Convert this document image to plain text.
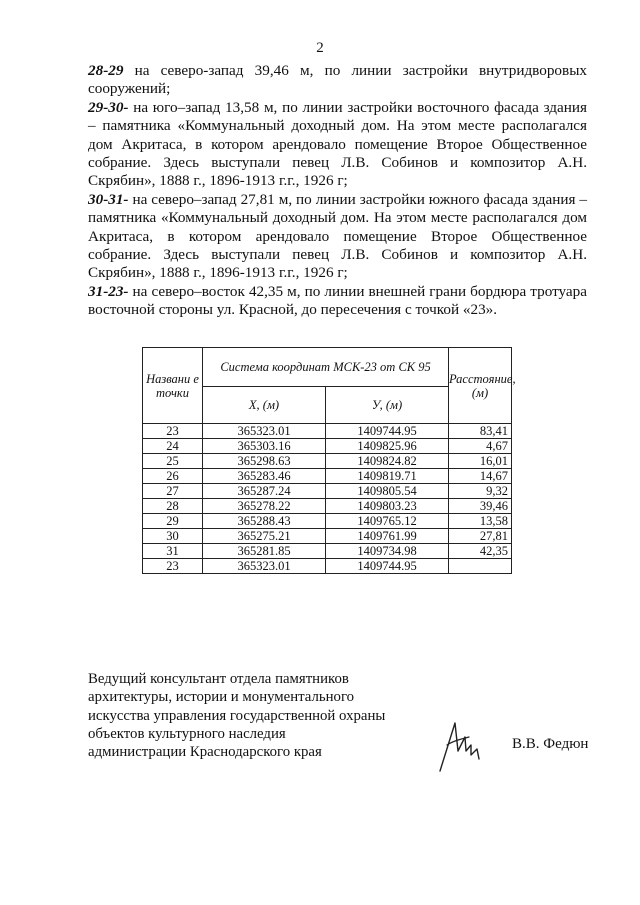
2

28-29 на северо-запад 39,46 м, по линии застройки внутридворовых сооружений;

29-30- на юго–запад 13,58 м, по линии застройки восточного фасада здания – памятника «Коммунальный доходный дом. На этом месте располагался дом Акритаса, в котором арендовало помещение Второе Общественное собрание. Здесь выступали певец Л.В. Собинов и композитор А.Н. Скрябин», 1888 г., 1896-1913 г.г., 1926 г;

30-31- на северо–запад 27,81 м, по линии застройки южного фасада здания – памятника «Коммунальный доходный дом. На этом месте располагался дом Акритаса, в котором арендовало помещение Второе Общественное собрание. Здесь выступали певец Л.В. Собинов и композитор А.Н. Скрябин», 1888 г., 1896-1913 г.г., 1926 г;

31-23- на северо–восток 42,35 м, по линии внешней грани бордюра тротуара восточной стороны ул. Красной, до пересечения с точкой «23».

Названи е точки	Система координат МСК-23 от СК 95		Расстояние, (м)
	X, (м)	У, (м)	
23	365323.01	1409744.95	83,41
24	365303.16	1409825.96	4,67
25	365298.63	1409824.82	16,01
26	365283.46	1409819.71	14,67
27	365287.24	1409805.54	9,32
28	365278.22	1409803.23	39,46
29	365288.43	1409765.12	13,58
30	365275.21	1409761.99	27,81
31	365281.85	1409734.98	42,35
23	365323.01	1409744.95	
Ведущий консультант отдела памятников
архитектуры, истории и монументального
искусства управления государственной охраны
объектов культурного наследия
администрации Краснодарского края
В.В. Федюн
